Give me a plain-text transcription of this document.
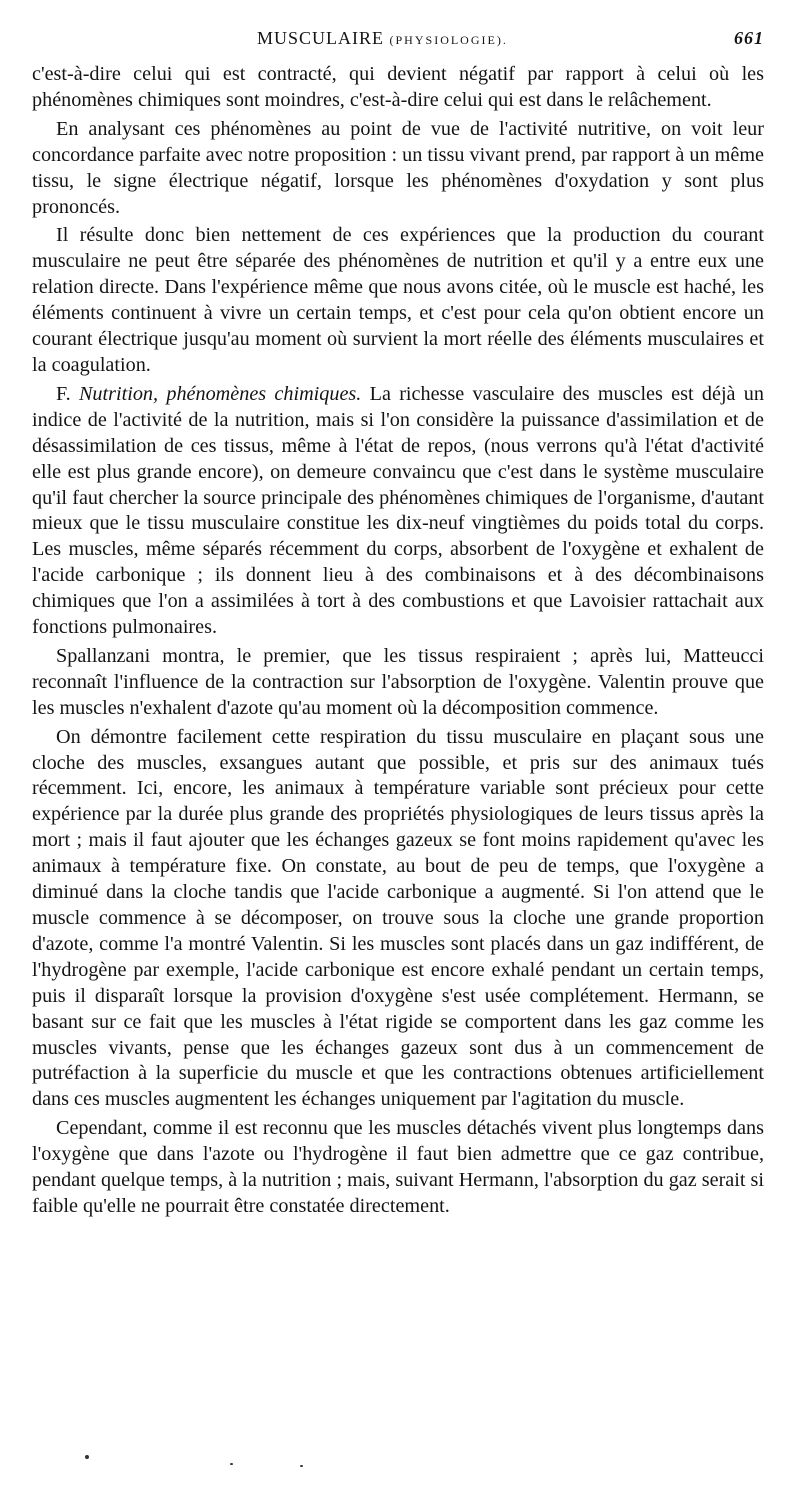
MUSCULAIRE (PHYSIOLOGIE).	661

c'est-à-dire celui qui est contracté, qui devient négatif par rapport à celui où les phénomènes chimiques sont moindres, c'est-à-dire celui qui est dans le relâchement.

En analysant ces phénomènes au point de vue de l'activité nutritive, on voit leur concordance parfaite avec notre proposition : un tissu vivant prend, par rapport à un même tissu, le signe électrique négatif, lorsque les phénomènes d'oxydation y sont plus prononcés.

Il résulte donc bien nettement de ces expériences que la production du courant musculaire ne peut être séparée des phénomènes de nutrition et qu'il y a entre eux une relation directe. Dans l'expérience même que nous avons citée, où le muscle est haché, les éléments continuent à vivre un certain temps, et c'est pour cela qu'on obtient encore un courant électrique jusqu'au moment où survient la mort réelle des éléments musculaires et la coagulation.

F. Nutrition, phénomènes chimiques. La richesse vasculaire des muscles est déjà un indice de l'activité de la nutrition, mais si l'on considère la puissance d'assimilation et de désassimilation de ces tissus, même à l'état de repos, (nous verrons qu'à l'état d'activité elle est plus grande encore), on demeure convaincu que c'est dans le système musculaire qu'il faut chercher la source principale des phénomènes chimiques de l'organisme, d'autant mieux que le tissu musculaire constitue les dix-neuf vingtièmes du poids total du corps. Les muscles, même séparés récemment du corps, absorbent de l'oxygène et exhalent de l'acide carbonique ; ils donnent lieu à des combinaisons et à des décombinaisons chimiques que l'on a assimilées à tort à des combustions et que Lavoisier rattachait aux fonctions pulmonaires.

Spallanzani montra, le premier, que les tissus respiraient ; après lui, Matteucci reconnaît l'influence de la contraction sur l'absorption de l'oxygène. Valentin prouve que les muscles n'exhalent d'azote qu'au moment où la décomposition commence.

On démontre facilement cette respiration du tissu musculaire en plaçant sous une cloche des muscles, exsangues autant que possible, et pris sur des animaux tués récemment. Ici, encore, les animaux à température variable sont précieux pour cette expérience par la durée plus grande des propriétés physiologiques de leurs tissus après la mort ; mais il faut ajouter que les échanges gazeux se font moins rapidement qu'avec les animaux à température fixe. On constate, au bout de peu de temps, que l'oxygène a diminué dans la cloche tandis que l'acide carbonique a augmenté. Si l'on attend que le muscle commence à se décomposer, on trouve sous la cloche une grande proportion d'azote, comme l'a montré Valentin. Si les muscles sont placés dans un gaz indifférent, de l'hydrogène par exemple, l'acide carbonique est encore exhalé pendant un certain temps, puis il disparaît lorsque la provision d'oxygène s'est usée complétement. Hermann, se basant sur ce fait que les muscles à l'état rigide se comportent dans les gaz comme les muscles vivants, pense que les échanges gazeux sont dus à un commencement de putréfaction à la superficie du muscle et que les contractions obtenues artificiellement dans ces muscles augmentent les échanges uniquement par l'agitation du muscle.

Cependant, comme il est reconnu que les muscles détachés vivent plus longtemps dans l'oxygène que dans l'azote ou l'hydrogène il faut bien admettre que ce gaz contribue, pendant quelque temps, à la nutrition ; mais, suivant Hermann, l'absorption du gaz serait si faible qu'elle ne pourrait être constatée directement.
